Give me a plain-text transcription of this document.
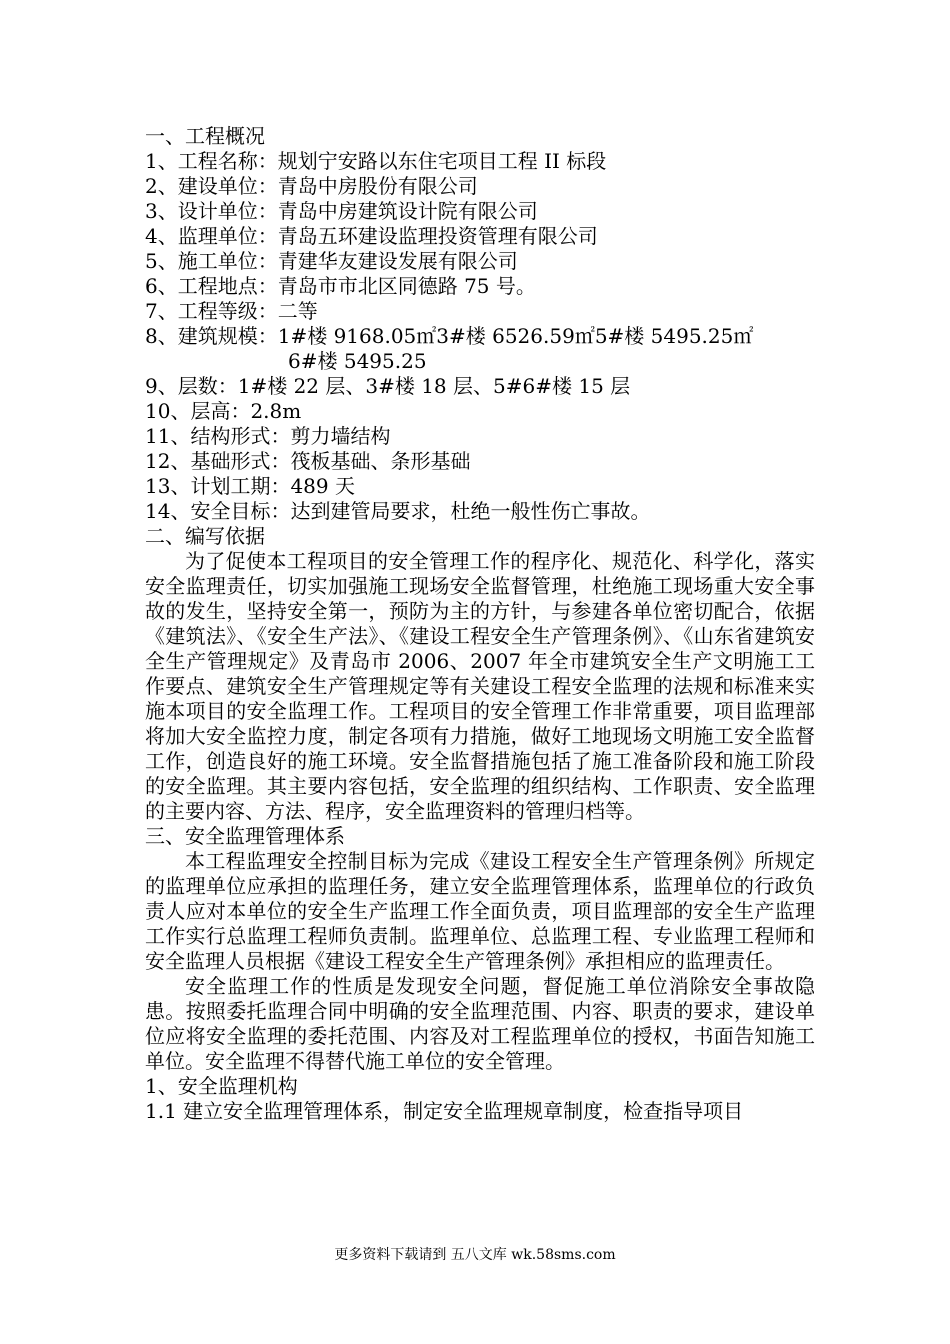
一、工程概况
1、工程名称：规划宁安路以东住宅项目工程 II 标段
2、建设单位：青岛中房股份有限公司
3、设计单位：青岛中房建筑设计院有限公司
4、监理单位：青岛五环建设监理投资管理有限公司
5、施工单位：青建华友建设发展有限公司
6、工程地点：青岛市市北区同德路 75 号。
7、工程等级：二等
8、建筑规模：1#楼 9168.05㎡3#楼 6526.59㎡5#楼 5495.25㎡
6#楼 5495.25
9、层数：1#楼 22 层、3#楼 18 层、5#6#楼 15 层
10、层高：2.8m
11、结构形式：剪力墙结构
12、基础形式：筏板基础、条形基础
13、计划工期：489 天
14、安全目标：达到建管局要求，杜绝一般性伤亡事故。
二、编写依据

为了促使本工程项目的安全管理工作的程序化、规范化、科学化，落实安全监理责任，切实加强施工现场安全监督管理，杜绝施工现场重大安全事故的发生，坚持安全第一，预防为主的方针，与参建各单位密切配合，依据《建筑法》、《安全生产法》、《建设工程安全生产管理条例》、《山东省建筑安全生产管理规定》及青岛市 2006、2007 年全市建筑安全生产文明施工工作要点、建筑安全生产管理规定等有关建设工程安全监理的法规和标准来实施本项目的安全监理工作。工程项目的安全管理工作非常重要，项目监理部将加大安全监控力度，制定各项有力措施，做好工地现场文明施工安全监督工作，创造良好的施工环境。安全监督措施包括了施工准备阶段和施工阶段的安全监理。其主要内容包括，安全监理的组织结构、工作职责、安全监理的主要内容、方法、程序，安全监理资料的管理归档等。

三、安全监理管理体系

本工程监理安全控制目标为完成《建设工程安全生产管理条例》所规定的监理单位应承担的监理任务，建立安全监理管理体系，监理单位的行政负责人应对本单位的安全生产监理工作全面负责，项目监理部的安全生产监理工作实行总监理工程师负责制。监理单位、总监理工程、专业监理工程师和安全监理人员根据《建设工程安全生产管理条例》承担相应的监理责任。

安全监理工作的性质是发现安全问题，督促施工单位消除安全事故隐患。按照委托监理合同中明确的安全监理范围、内容、职责的要求，建设单位应将安全监理的委托范围、内容及对工程监理单位的授权，书面告知施工单位。安全监理不得替代施工单位的安全管理。

1、安全监理机构
1.1 建立安全监理管理体系，制定安全监理规章制度，检查指导项目
更多资料下载请到 五八文库 wk.58sms.com
